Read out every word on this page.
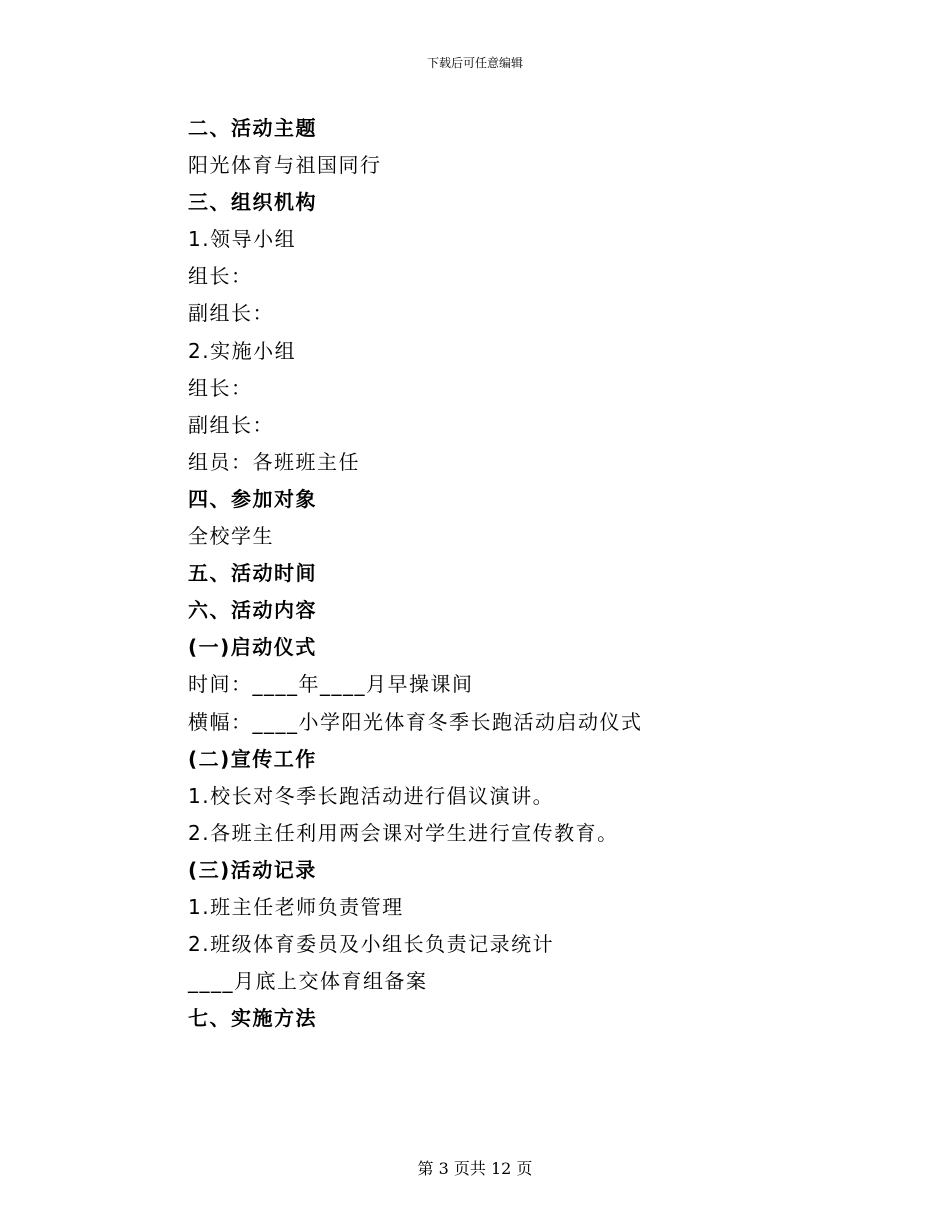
下载后可任意编辑
二、活动主题
阳光体育与祖国同行
三、组织机构
1.领导小组
组长：
副组长：
2.实施小组
组长：
副组长：
组员：各班班主任
四、参加对象
全校学生
五、活动时间
六、活动内容
(一)启动仪式
时间：____年____月早操课间
横幅：____小学阳光体育冬季长跑活动启动仪式
(二)宣传工作
1.校长对冬季长跑活动进行倡议演讲。
2.各班主任利用两会课对学生进行宣传教育。
(三)活动记录
1.班主任老师负责管理
2.班级体育委员及小组长负责记录统计
____月底上交体育组备案
七、实施方法
第 3 页共 12 页
